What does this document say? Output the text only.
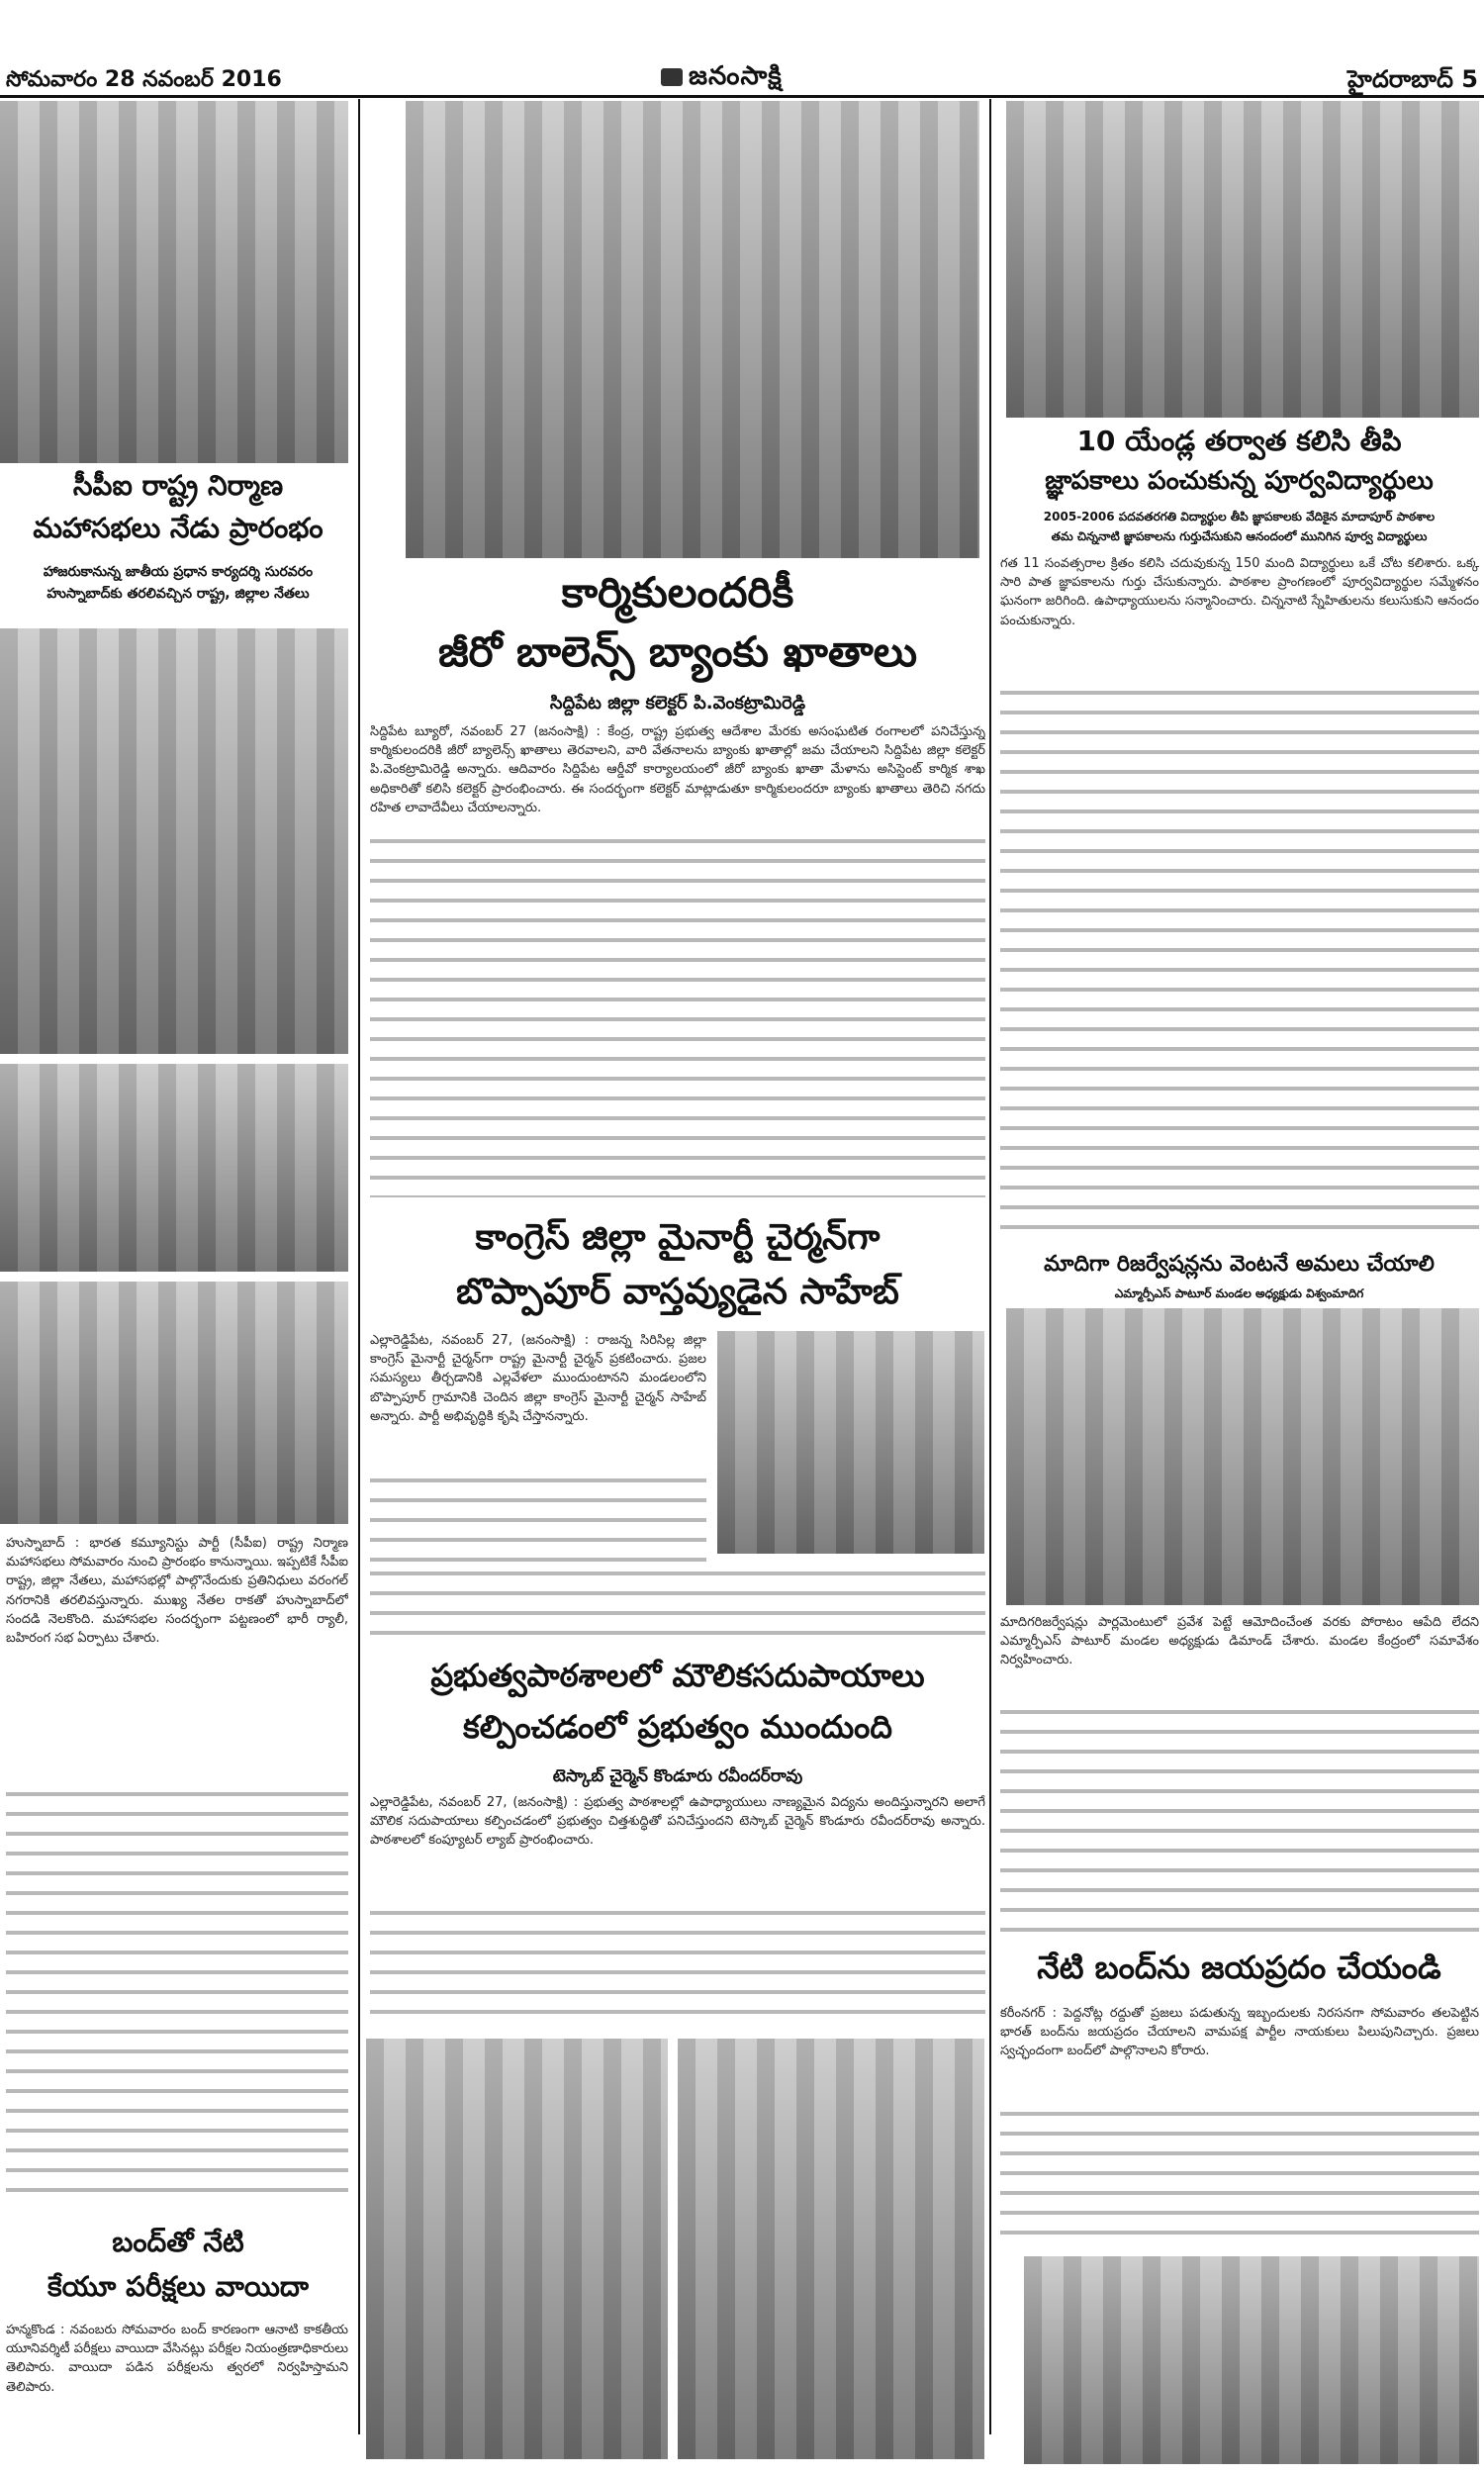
సోమవారం 28 నవంబర్ 2016	జనంసాక్షి	హైదరాబాద్ 5
సీపీఐ రాష్ట్ర నిర్మాణ
మహాసభలు నేడు ప్రారంభం
హాజరుకానున్న జాతీయ ప్రధాన కార్యదర్శి సురవరం
హుస్నాబాద్‌కు తరలివచ్చిన రాష్ట్ర, జిల్లాల నేతలు
హుస్నాబాద్ : భారత కమ్యూనిస్టు పార్టీ (సీపీఐ) రాష్ట్ర నిర్మాణ మహాసభలు సోమవారం నుంచి ప్రారంభం కానున్నాయి. ఇప్పటికే సీపీఐ రాష్ట్ర, జిల్లా నేతలు, మహాసభల్లో పాల్గొనేందుకు ప్రతినిధులు వరంగల్ నగరానికి తరలివస్తున్నారు. ముఖ్య నేతల రాకతో హుస్నాబాద్‌లో సందడి నెలకొంది. మహాసభల సందర్భంగా పట్టణంలో భారీ ర్యాలీ, బహిరంగ సభ ఏర్పాటు చేశారు.
బంద్‌తో నేటి
కేయూ పరీక్షలు వాయిదా
హన్మకొండ : నవంబరు సోమవారం బంద్ కారణంగా ఆనాటి కాకతీయ యూనివర్శిటీ పరీక్షలు వాయిదా వేసినట్లు పరీక్షల నియంత్రణాధికారులు తెలిపారు. వాయిదా పడిన పరీక్షలను త్వరలో నిర్వహిస్తామని తెలిపారు.
కార్మికులందరికీ
జీరో బాలెన్స్ బ్యాంకు ఖాతాలు
సిద్దిపేట జిల్లా కలెక్టర్ పి.వెంకట్రామిరెడ్డి
సిద్దిపేట బ్యూరో, నవంబర్ 27 (జనంసాక్షి) : కేంద్ర, రాష్ట్ర ప్రభుత్వ ఆదేశాల మేరకు అసంఘటిత రంగాలలో పనిచేస్తున్న కార్మికులందరికి జీరో బ్యాలెన్స్ ఖాతాలు తెరవాలని, వారి వేతనాలను బ్యాంకు ఖాతాల్లో జమ చేయాలని సిద్దిపేట జిల్లా కలెక్టర్ పి.వెంకట్రామిరెడ్డి అన్నారు. ఆదివారం సిద్దిపేట ఆర్డీవో కార్యాలయంలో జీరో బ్యాంకు ఖాతా మేళాను అసిస్టెంట్ కార్మిక శాఖ అధికారితో కలిసి కలెక్టర్ ప్రారంభించారు. ఈ సందర్భంగా కలెక్టర్ మాట్లాడుతూ కార్మికులందరూ బ్యాంకు ఖాతాలు తెరిచి నగదు రహిత లావాదేవీలు చేయాలన్నారు.
కాంగ్రెస్ జిల్లా మైనార్టీ చైర్మన్‌గా
బొప్పాపూర్ వాస్తవ్యుడైన సాహేబ్
ఎల్లారెడ్డిపేట, నవంబర్ 27, (జనంసాక్షి) : రాజన్న సిరిసిల్ల జిల్లా కాంగ్రెస్ మైనార్టీ చైర్మన్‌గా రాష్ట్ర మైనార్టీ చైర్మన్ ప్రకటించారు. ప్రజల సమస్యలు తీర్చడానికి ఎల్లవేళలా ముందుంటానని మండలంలోని బొప్పాపూర్ గ్రామానికి చెందిన జిల్లా కాంగ్రెస్ మైనార్టీ చైర్మన్ సాహేబ్ అన్నారు. పార్టీ అభివృద్ధికి కృషి చేస్తానన్నారు.
ప్రభుత్వపాఠశాలలో మౌలికసదుపాయాలు
కల్పించడంలో ప్రభుత్వం ముందుంది
టెస్కాబ్ చైర్మెన్ కొండూరు రవీందర్‌రావు
ఎల్లారెడ్డిపేట, నవంబర్ 27, (జనంసాక్షి) : ప్రభుత్వ పాఠశాలల్లో ఉపాధ్యాయులు నాణ్యమైన విద్యను అందిస్తున్నారని అలాగే మౌలిక సదుపాయాలు కల్పించడంలో ప్రభుత్వం చిత్తశుద్ధితో పనిచేస్తుందని టెస్కాబ్ చైర్మెన్ కొండూరు రవీందర్‌రావు అన్నారు. పాఠశాలలో కంప్యూటర్ ల్యాబ్ ప్రారంభించారు.
10 యేండ్ల తర్వాత కలిసి తీపి
జ్ఞాపకాలు పంచుకున్న పూర్వవిద్యార్థులు
2005-2006 పదవతరగతి విద్యార్థుల తీపి జ్ఞాపకాలకు వేదికైన మాదాపూర్ పాఠశాల
తమ చిన్ననాటి జ్ఞాపకాలను గుర్తుచేసుకుని ఆనందంలో మునిగిన పూర్వ విద్యార్థులు
గత 11 సంవత్సరాల క్రితం కలిసి చదువుకున్న 150 మంది విద్యార్థులు ఒకే చోట కలిశారు. ఒక్క సారి పాత జ్ఞాపకాలను గుర్తు చేసుకున్నారు. పాఠశాల ప్రాంగణంలో పూర్వవిద్యార్థుల సమ్మేళనం ఘనంగా జరిగింది. ఉపాధ్యాయులను సన్మానించారు. చిన్ననాటి స్నేహితులను కలుసుకుని ఆనందం పంచుకున్నారు.
మాదిగా రిజర్వేషన్లను వెంటనే అమలు చేయాలి
ఎమ్మార్పీఎస్ పాటూర్ మండల అధ్యక్షుడు విశ్వంమాదిగ
మాదిగరిజర్వేషన్లు పార్లమెంటులో ప్రవేశ పెట్టే ఆమోదించేంత వరకు పోరాటం ఆపేది లేదని ఎమ్మార్పీఎస్ పాటూర్ మండల అధ్యక్షుడు డిమాండ్ చేశారు. మండల కేంద్రంలో సమావేశం నిర్వహించారు.
నేటి బంద్‌ను జయప్రదం చేయండి
కరీంనగర్ : పెద్దనోట్ల రద్దుతో ప్రజలు పడుతున్న ఇబ్బందులకు నిరసనగా సోమవారం తలపెట్టిన భారత్ బంద్‌ను జయప్రదం చేయాలని వామపక్ష పార్టీల నాయకులు పిలుపునిచ్చారు. ప్రజలు స్వచ్ఛందంగా బంద్‌లో పాల్గొనాలని కోరారు.
